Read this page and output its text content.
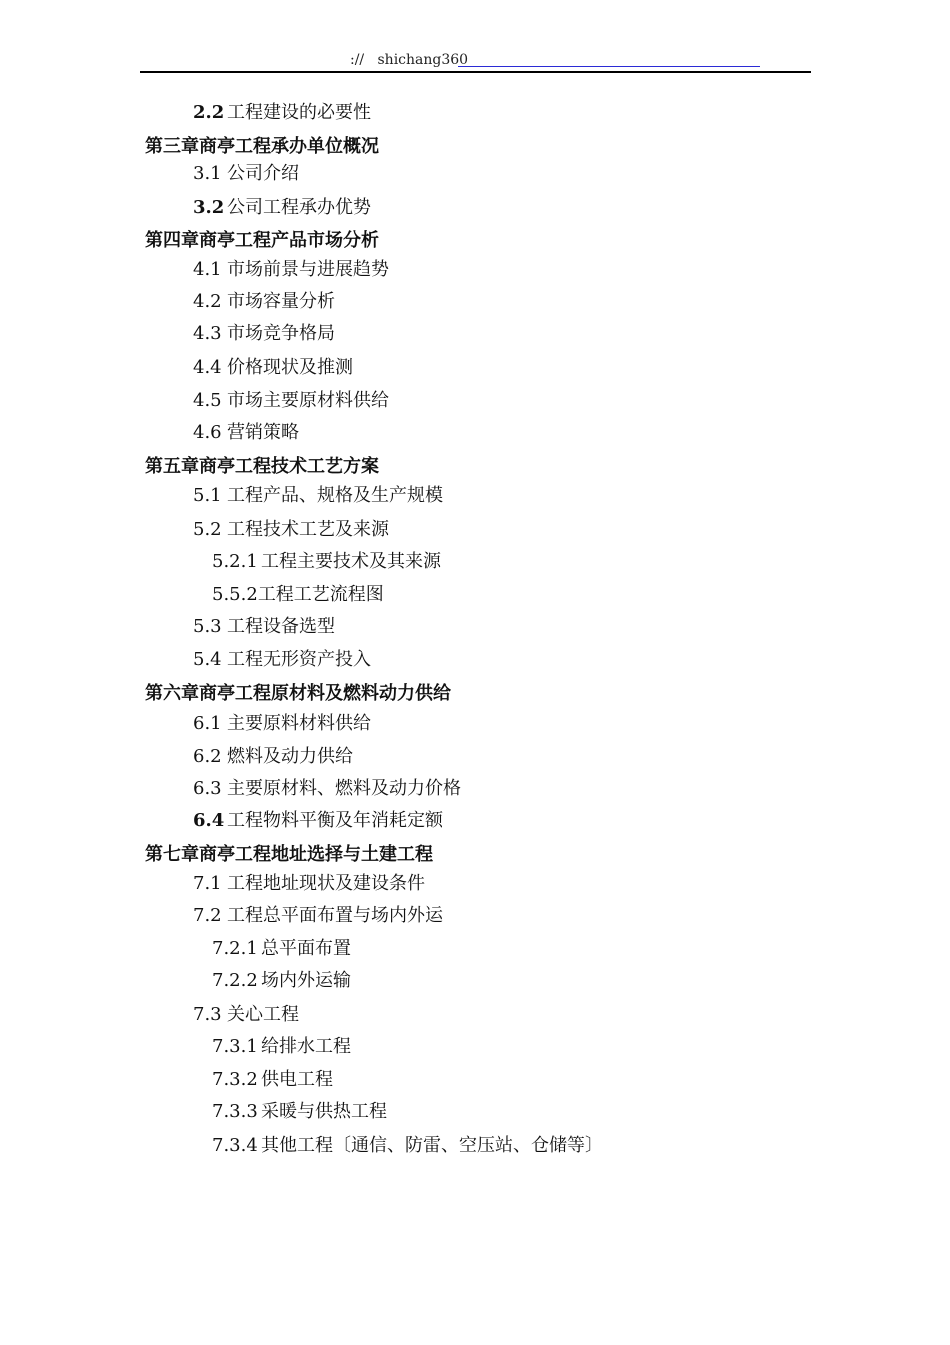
://   shichang360
2.2 工程建设的必要性
第三章商亭工程承办单位概况
3.1 公司介绍
3.2 公司工程承办优势
第四章商亭工程产品市场分析
4.1 市场前景与进展趋势
4.2 市场容量分析
4.3 市场竞争格局
4.4 价格现状及推测
4.5 市场主要原材料供给
4.6 营销策略
第五章商亭工程技术工艺方案
5.1 工程产品、规格及生产规模
5.2 工程技术工艺及来源
5.2.1 工程主要技术及其来源
5.5.2工程工艺流程图
5.3 工程设备选型
5.4 工程无形资产投入
第六章商亭工程原材料及燃料动力供给
6.1 主要原料材料供给
6.2 燃料及动力供给
6.3 主要原材料、燃料及动力价格
6.4 工程物料平衡及年消耗定额
第七章商亭工程地址选择与土建工程
7.1 工程地址现状及建设条件
7.2 工程总平面布置与场内外运
7.2.1 总平面布置
7.2.2 场内外运输
7.3 关心工程
7.3.1 给排水工程
7.3.2 供电工程
7.3.3 采暖与供热工程
7.3.4 其他工程〔通信、防雷、空压站、仓储等〕
